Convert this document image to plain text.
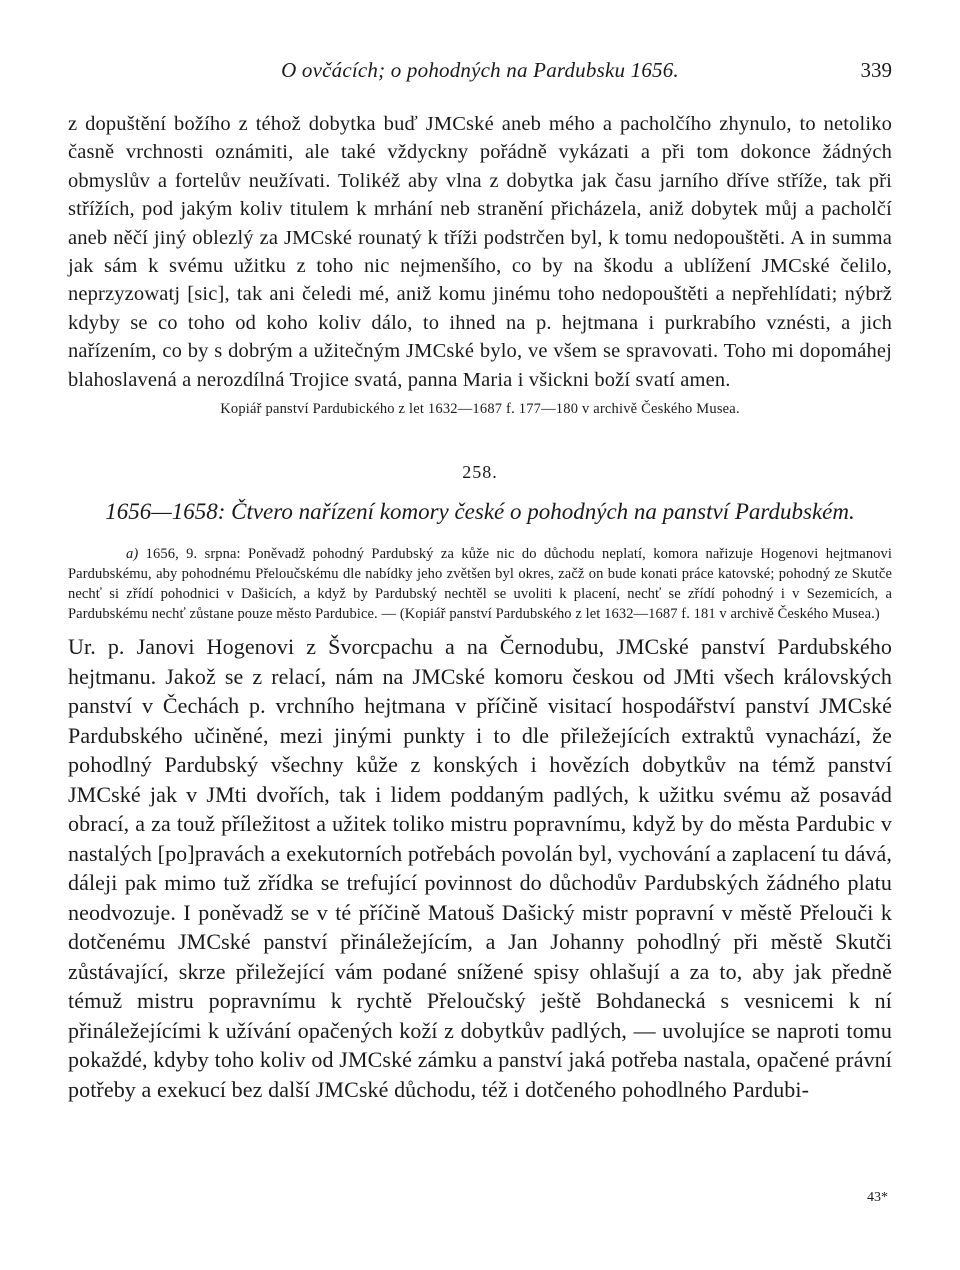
O ovčácích; o pohodných na Pardubsku 1656.	339

z dopuštění božího z téhož dobytka buď JMCské aneb mého a pacholčího zhynulo, to netoliko časně vrchnosti oznámiti, ale také vždyckny pořádně vykázati a při tom dokonce žádných obmyslův a fortelův neužívati. Tolikéž aby vlna z dobytka jak času jarního dříve stříže, tak při střížích, pod jakým koliv titulem k mrhání neb stranění přicházela, aniž dobytek můj a pacholčí aneb něčí jiný oblezlý za JMCské rounatý k tříži podstrčen byl, k tomu nedopouštěti. A in summa jak sám k svému užitku z toho nic nejmenšího, co by na škodu a ublížení JMCské čelilo, neprzyzowatj [sic], tak ani čeledi mé, aniž komu jinému toho nedopouštěti a nepřehlídati; nýbrž kdyby se co toho od koho koliv dálo, to ihned na p. hejtmana i purkrabího vznésti, a jich nařízením, co by s dobrým a užitečným JMCské bylo, ve všem se spravovati. Toho mi dopomáhej blahoslavená a nerozdílná Trojice svatá, panna Maria i všickni boží svatí amen.

Kopiář panství Pardubického z let 1632—1687 f. 177—180 v archivě Českého Musea.
258.
1656—1658: Čtvero nařízení komory české o pohodných na panství Pardubském.
a) 1656, 9. srpna: Poněvadž pohodný Pardubský za kůže nic do důchodu neplatí, komora nařizuje Hogenovi hejtmanovi Pardubskému, aby pohodnému Přeloučskému dle nabídky jeho zvětšen byl okres, začž on bude konati práce katovské; pohodný ze Skutče nechť si zřídí pohodnici v Dašicích, a když by Pardubský nechtěl se uvoliti k placení, nechť se zřídí pohodný i v Sezemicích, a Pardubskému nechť zůstane pouze město Pardubice. — (Kopiář panství Pardubského z let 1632—1687 f. 181 v archivě Českého Musea.)

Ur. p. Janovi Hogenovi z Švorcpachu a na Černodubu, JMCské panství Pardubského hejtmanu. Jakož se z relací, nám na JMCské komoru českou od JMti všech královských panství v Čechách p. vrchního hejtmana v příčině visitací hospodářství panství JMCské Pardubského učiněné, mezi jinými punkty i to dle přiležejících extraktů vynachází, že pohodlný Pardubský všechny kůže z konských i hovězích dobytkův na témž panství JMCské jak v JMti dvořích, tak i lidem poddaným padlých, k užitku svému až posavád obrací, a za touž příležitost a užitek toliko mistru popravnímu, když by do města Pardubic v nastalých [po]pravách a exekutorních potřebách povolán byl, vychování a zaplacení tu dává, dáleji pak mimo tuž zřídka se trefující povinnost do důchodův Pardubských žádného platu neodvozuje. I poněvadž se v té příčině Matouš Dašický mistr popravní v městě Přelouči k dotčenému JMCské panství přináležejícím, a Jan Johanny pohodlný při městě Skutči zůstávající, skrze přiležející vám podané snížené spisy ohlašují a za to, aby jak předně témuž mistru popravnímu k rychtě Přeloučský ještě Bohdanecká s vesnicemi k ní přináležejícími k užívání opačených koží z dobytkův padlých, — uvolujíce se naproti tomu pokaždé, kdyby toho koliv od JMCské zámku a panství jaká potřeba nastala, opačené právní potřeby a exekucí bez další JMCské důchodu, též i dotčeného pohodlného Pardubi-

43*
